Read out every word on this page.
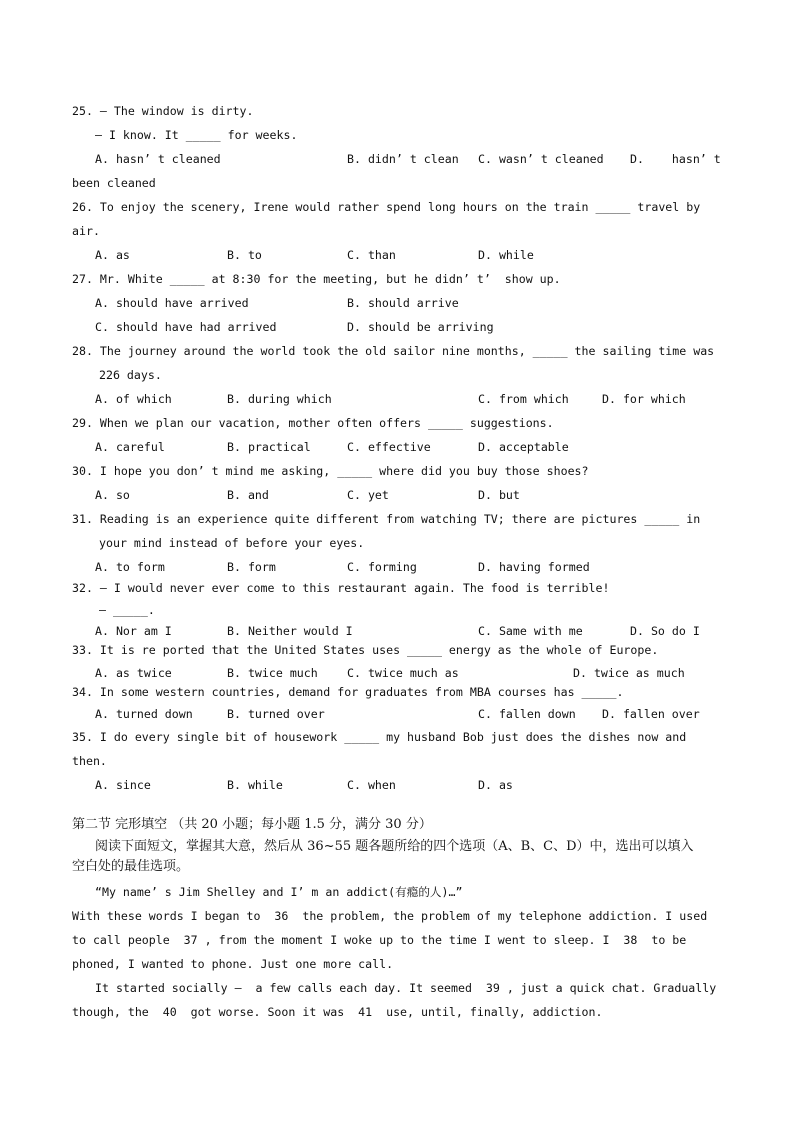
25. — The window is dirty.
— I know. It _____ for weeks.
A. hasn’ t cleaned	B. didn’ t clean C. wasn’ t cleaned D.    hasn’ t
been cleaned
26. To enjoy the scenery, Irene would rather spend long hours on the train _____ travel by
air.
A. as	B. to	C. than	D. while
27. Mr. White _____ at 8:30 for the meeting, but he didn’ t’  show up.
A. should have arrived	B. should arrive
C. should have had arrived	D. should be arriving
28. The journey around the world took the old sailor nine months, _____ the sailing time was
226 days.
A. of which	B. during which	C. from which	D. for which
29. When we plan our vacation, mother often offers _____ suggestions.
A. careful	B. practical	C. effective	D. acceptable
30. I hope you don’ t mind me asking, _____ where did you buy those shoes?
A. so	B. and	C. yet	D. but
31. Reading is an experience quite different from watching TV; there are pictures _____ in
your mind instead of before your eyes.
A. to form	B. form	C. forming	D. having formed
32. — I would never ever come to this restaurant again. The food is terrible!
— _____.
A. Nor am I	B. Neither would I	C. Same with me	D. So do I
33. It is re ported that the United States uses _____ energy as the whole of Europe.
A. as twice	B. twice much	C. twice much as	D. twice as much
34. In some western countries, demand for graduates from MBA courses has _____.
A. turned down	B. turned over	C. fallen down D. fallen over
35. I do every single bit of housework _____ my husband Bob just does the dishes now and
then.
A. since	B. while	C. when	D. as
第二节 完形填空 （共 20 小题；每小题 1.5 分，满分 30 分）
阅读下面短文，掌握其大意，然后从 36~55 题各题所给的四个选项（A、B、C、D）中，选出可以填入
空白处的最佳选项。
“My name’ s Jim Shelley and I’ m an addict(有瘾的人)…”
With these words I began to  36  the problem, the problem of my telephone addiction. I used
to call people  37 , from the moment I woke up to the time I went to sleep. I  38  to be
phoned, I wanted to phone. Just one more call.
It started socially —  a few calls each day. It seemed  39 , just a quick chat. Gradually
though, the  40  got worse. Soon it was  41  use, until, finally, addiction.
